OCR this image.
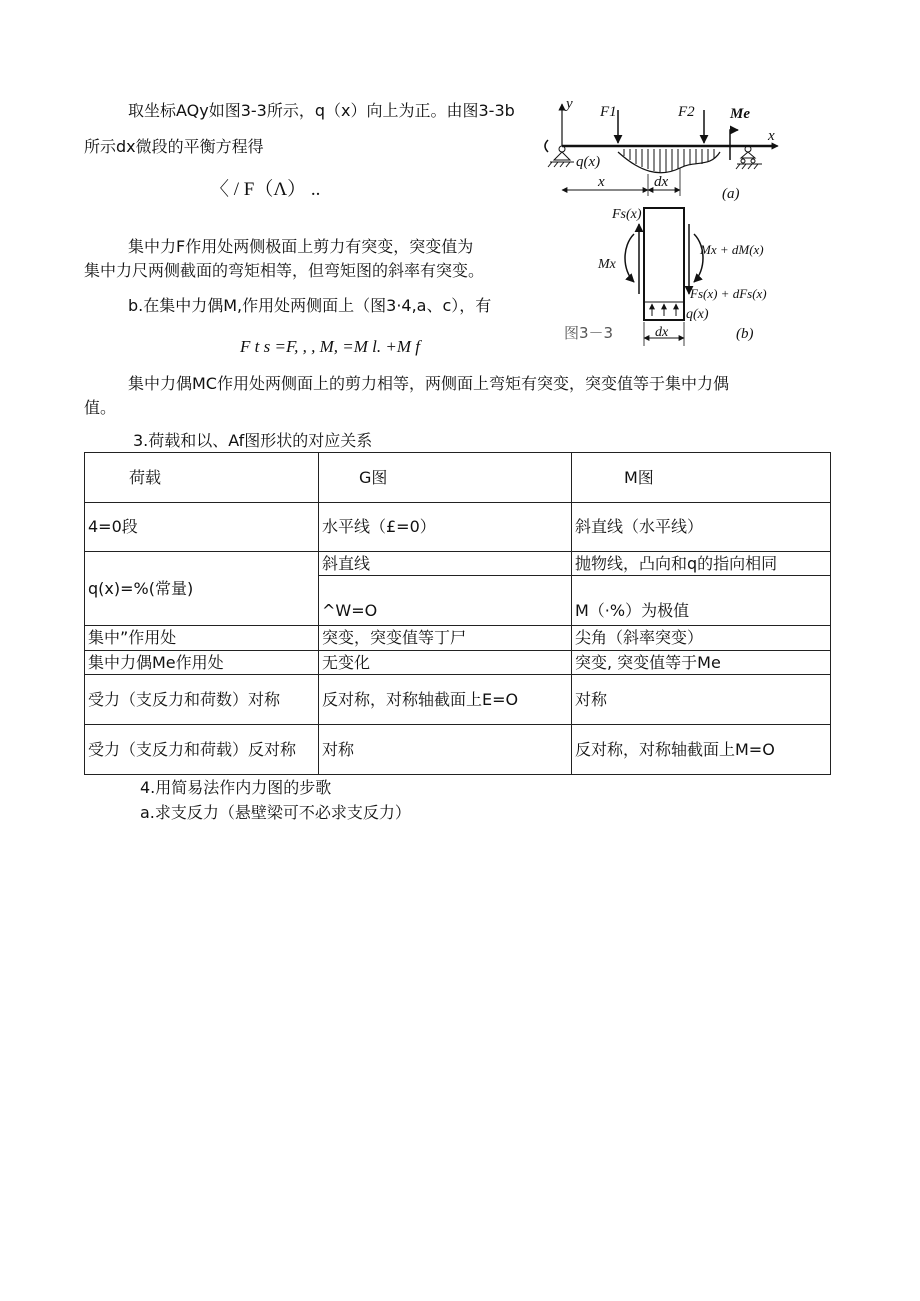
取坐标AQy如图3-3所示，q（x）向上为正。由图3-3b
所示dx微段的平衡方程得
〈 / F（Λ） ..
集中力F作用处两侧极面上剪力有突变，突变值为
集中力尺两侧截面的弯矩相等，但弯矩图的斜率有突变。
b.在集中力偶M,作用处两侧面上（图3·4,a、c），有
F t s =F, , , M, =M l. +M f
集中力偶MC作用处两侧面上的剪力相等，两侧面上弯矩有突变，突变值等于集中力偶
值。
3.荷载和以、Af图形状的对应关系
荷载	G图	M图
4=0段	水平线（£=0）	斜直线（水平线）
q(x)=%(常量)	斜直线	抛物线，凸向和q的指向相同
	^W=O	M（·%）为极值
集中”作用处	突变，突变值等丁尸	尖角（斜率突变）
集中力偶Me作用处	无变化	突变, 突变值等于Me
受力（支反力和荷数）对称	反对称，对称轴截面上E=O	对称
受力（支反力和荷载）反对称	对称	反对称，对称轴截面上M=O
4.用简易法作内力图的步歌
a.求支反力（悬壁梁可不必求支反力）
y
x
F1	F2 Me
q(x)
x	dx
(a)
Fs(x)
Fs(x) + dFs(x)
Mx
Mx + dM(x)
q(x)
dx
图3－3	(b)
